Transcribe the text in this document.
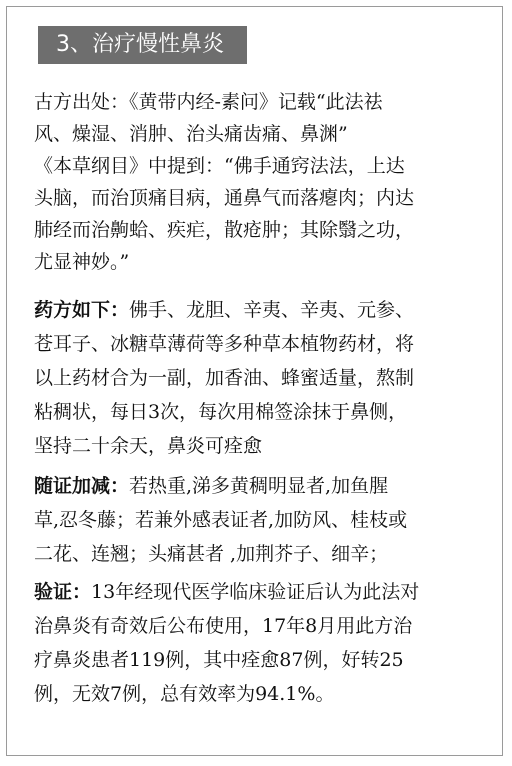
3、治疗慢性鼻炎
古方出处：《黄带内经-素问》记载“此法祛
风、燥湿、消肿、治头痛齿痛、鼻渊”
《本草纲目》中提到：“佛手通窍法法，上达
头脑，而治顶痛目病，通鼻气而落瘪肉；内达
肺经而治齁蛤、疾疟，散疮肿；其除翳之功，
尤显神妙。”
药方如下：佛手、龙胆、辛夷、辛夷、元参、
苍耳子、冰糖草薄荷等多种草本植物药材，将
以上药材合为一副，加香油、蜂蜜适量，熬制
粘稠状，每日3次，每次用棉签涂抹于鼻侧，
坚持二十余天，鼻炎可痊愈
随证加减：若热重,涕多黄稠明显者,加鱼腥
草,忍冬藤；若兼外感表证者,加防风、桂枝或
二花、连翘；头痛甚者 ,加荆芥子、细辛；
验证：13年经现代医学临床验证后认为此法对
治鼻炎有奇效后公布使用，17年8月用此方治
疗鼻炎患者119例，其中痊愈87例，好转25
例，无效7例，总有效率为94.1%。
